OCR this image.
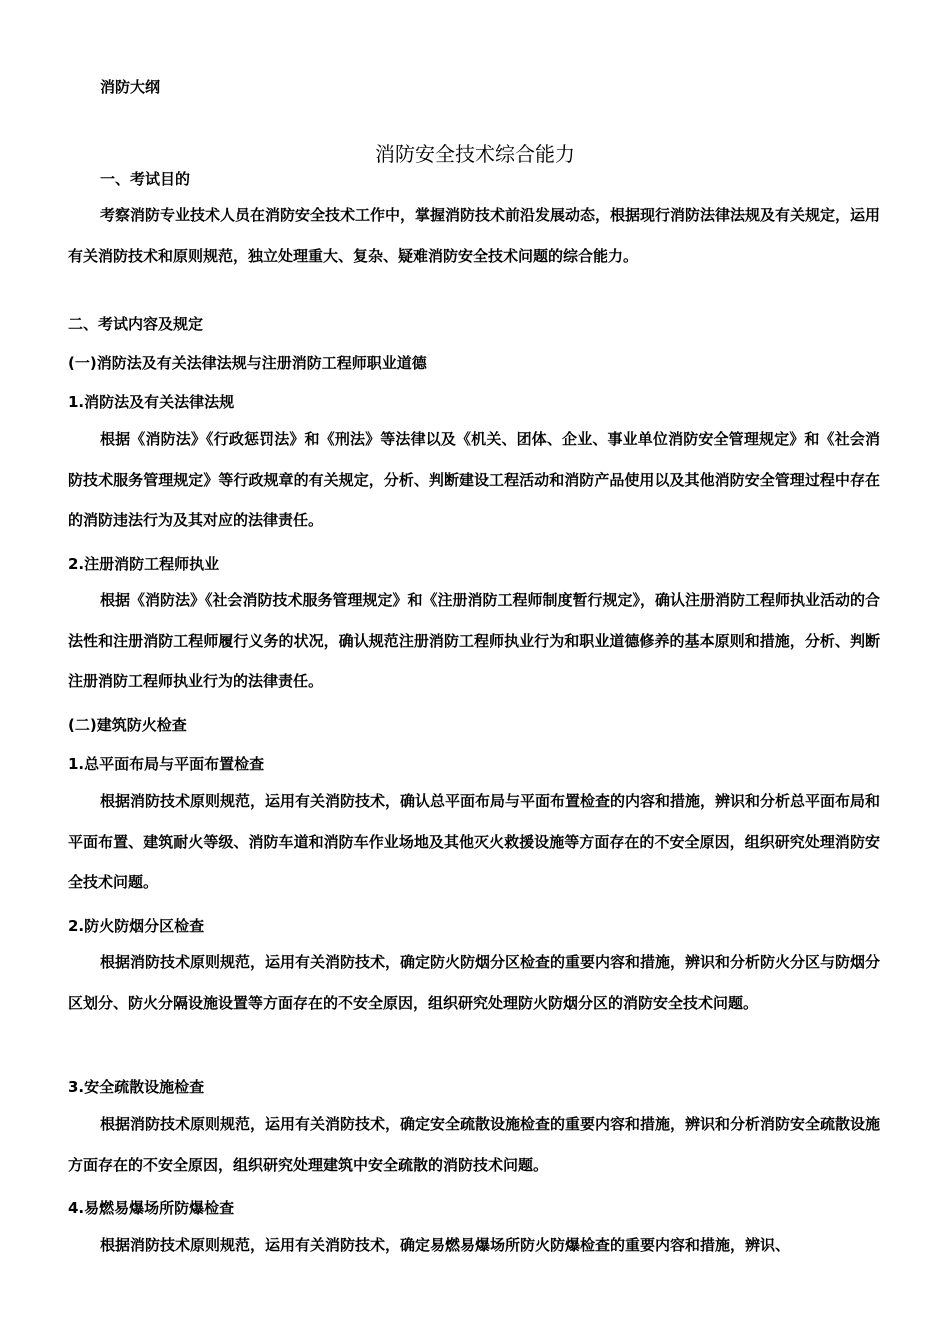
消防大纲
消防安全技术综合能力
一、考试目的

考察消防专业技术人员在消防安全技术工作中，掌握消防技术前沿发展动态，根据现行消防法律法规及有关规定，运用有关消防技术和原则规范，独立处理重大、复杂、疑难消防安全技术问题的综合能力。

二、考试内容及规定
(一)消防法及有关法律法规与注册消防工程师职业道德
1.消防法及有关法律法规

根据《消防法》《行政惩罚法》和《刑法》等法律以及《机关、团体、企业、事业单位消防安全管理规定》和《社会消防技术服务管理规定》等行政规章的有关规定，分析、判断建设工程活动和消防产品使用以及其他消防安全管理过程中存在的消防违法行为及其对应的法律责任。

2.注册消防工程师执业

根据《消防法》《社会消防技术服务管理规定》和《注册消防工程师制度暂行规定》，确认注册消防工程师执业活动的合法性和注册消防工程师履行义务的状况，确认规范注册消防工程师执业行为和职业道德修养的基本原则和措施，分析、判断注册消防工程师执业行为的法律责任。

(二)建筑防火检查
1.总平面布局与平面布置检查

根据消防技术原则规范，运用有关消防技术，确认总平面布局与平面布置检查的内容和措施，辨识和分析总平面布局和平面布置、建筑耐火等级、消防车道和消防车作业场地及其他灭火救援设施等方面存在的不安全原因，组织研究处理消防安全技术问题。

2.防火防烟分区检查

根据消防技术原则规范，运用有关消防技术，确定防火防烟分区检查的重要内容和措施，辨识和分析防火分区与防烟分区划分、防火分隔设施设置等方面存在的不安全原因，组织研究处理防火防烟分区的消防安全技术问题。

3.安全疏散设施检查

根据消防技术原则规范，运用有关消防技术，确定安全疏散设施检查的重要内容和措施，辨识和分析消防安全疏散设施方面存在的不安全原因，组织研究处理建筑中安全疏散的消防技术问题。

4.易燃易爆场所防爆检查

根据消防技术原则规范，运用有关消防技术，确定易燃易爆场所防火防爆检查的重要内容和措施，辨识、
